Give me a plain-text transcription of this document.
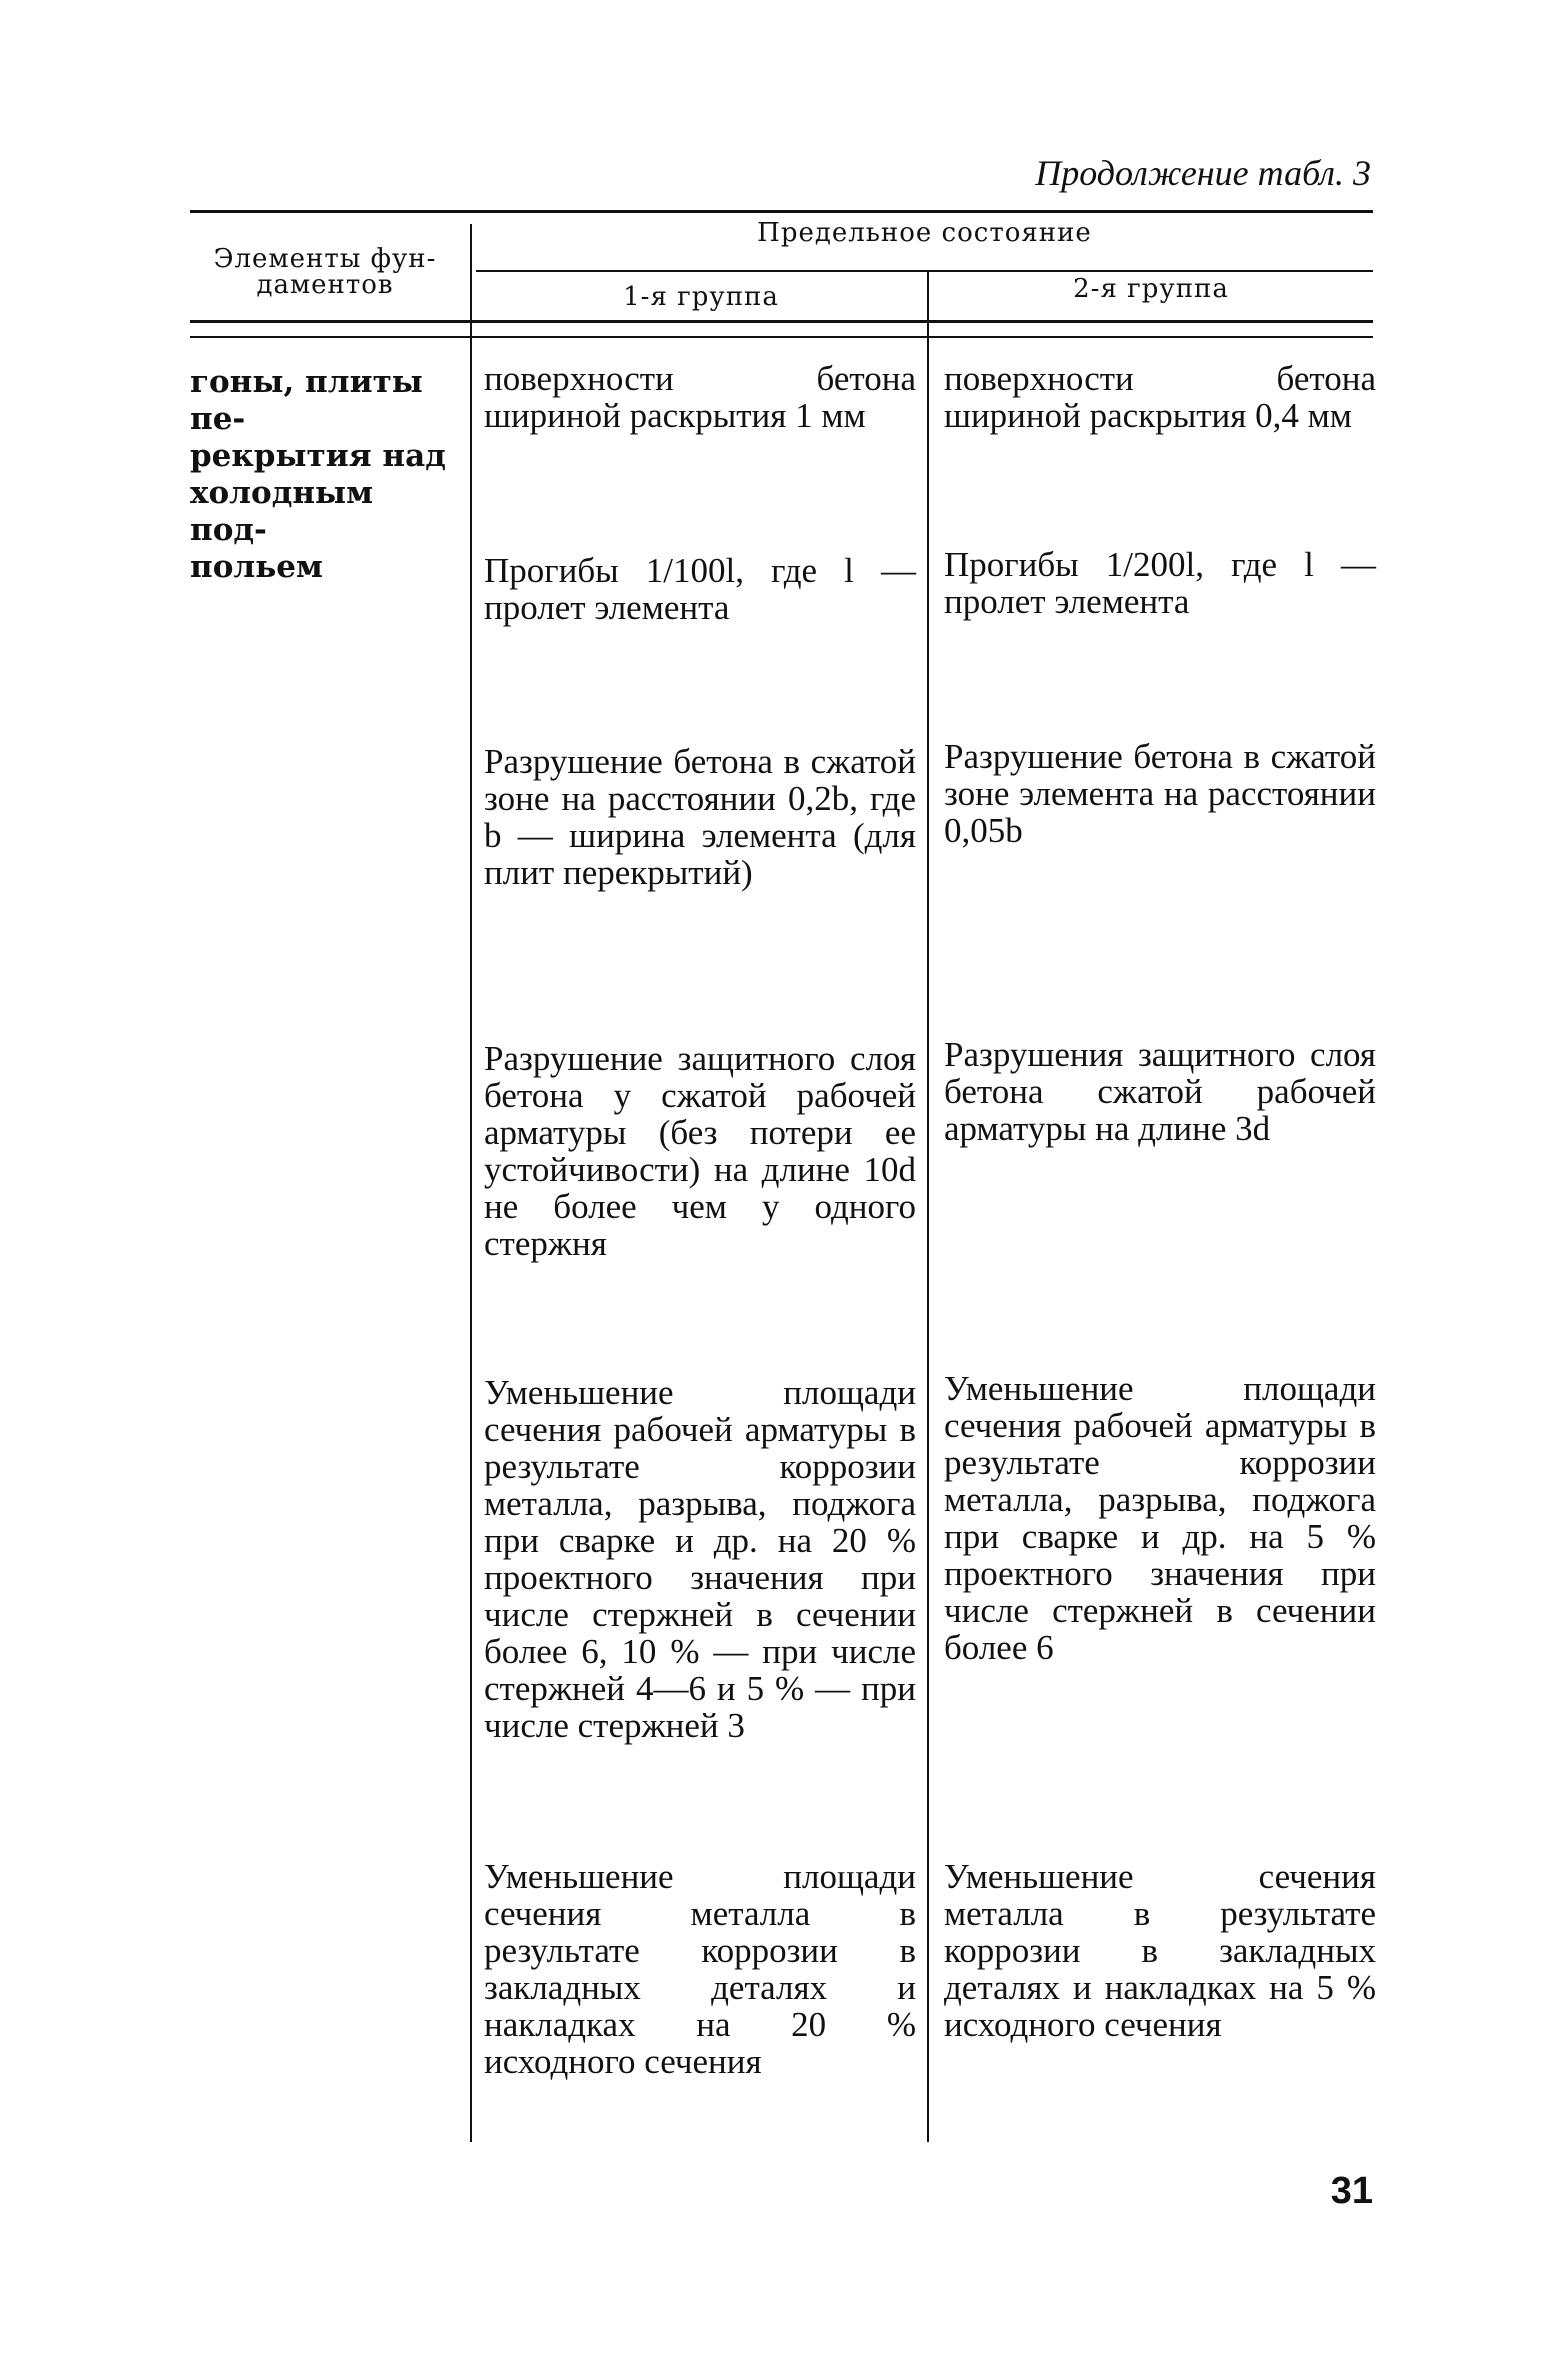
Продолжение табл. 3
Элементы фун-
даментов
Предельное состояние
1-я группа	2-я группа
гоны, плиты пе-
рекрытия над
холодным под-
польем
поверхности бетона шириной раскрытия 1 мм
Прогибы 1/100l, где l — пролет элемента
Разрушение бетона в сжатой зоне на расстоянии 0,2b, где b — ширина элемента (для плит перекрытий)
Разрушение защитного слоя бетона у сжатой рабочей арматуры (без потери ее устойчивости) на длине 10d не более чем у одного стержня
Уменьшение площади сечения рабочей арматуры в результате коррозии металла, разрыва, поджога при сварке и др. на 20 % проектного значения при числе стержней в сечении более 6, 10 % — при числе стержней 4—6 и 5 % — при числе стержней 3
Уменьшение площади сечения металла в результате коррозии в закладных деталях и накладках на 20 % исходного сечения
поверхности бетона шириной раскрытия 0,4 мм
Прогибы 1/200l, где l — пролет элемента
Разрушение бетона в сжатой зоне элемента на расстоянии 0,05b
Разрушения защитного слоя бетона сжатой рабочей арматуры на длине 3d
Уменьшение площади сечения рабочей арматуры в результате коррозии металла, разрыва, поджога при сварке и др. на 5 % проектного значения при числе стержней в сечении более 6
Уменьшение сечения металла в результате коррозии в закладных деталях и накладках на 5 % исходного сечения
31
